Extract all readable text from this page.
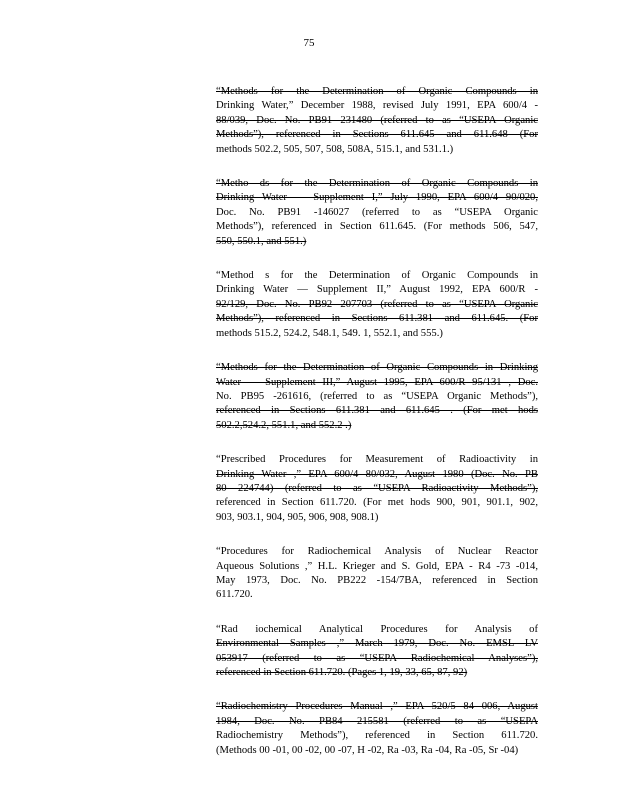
75
“Methods for the Determination of Organic Compounds in
Drinking Water,” December 1988, revised July 1991, EPA 600/4 -
88/039, Doc. No. PB91 231480 (referred to as “USEPA Organic
Methods”), referenced in Sections 611.645 and 611.648 (For
methods 502.2, 505, 507, 508, 508A, 515.1, and 531.1.)
“Metho ds for the Determination of Organic Compounds in
Drinking Water — Supplement I,” July 1990, EPA 600/4 90/020,
Doc. No. PB91 -146027 (referred to as “USEPA Organic
Methods”), referenced in Section 611.645. (For methods 506, 547,
550, 550.1, and 551.)
“Method s for the Determination of Organic Compounds in
Drinking Water — Supplement II,” August 1992, EPA 600/R -
92/129, Doc. No. PB92 207703 (referred to as “USEPA Organic
Methods”), referenced in Sections 611.381 and 611.645. (For
methods 515.2, 524.2, 548.1, 549. 1, 552.1, and 555.)
“Methods for the Determination of Organic Compounds in Drinking
Water — Supplement III,” August 1995, EPA 600/R 95/131 , Doc.
No. PB95 -261616, (referred to as “USEPA Organic Methods”),
referenced in Sections 611.381 and 611.645 . (For met hods
502.2,524.2, 551.1, and 552.2 .)
“Prescribed Procedures for Measurement of Radioactivity in
Drinking Water ,” EPA 600/4 80/032, August 1980 (Doc. No. PB
80 224744) (referred to as “USEPA Radioactivity Methods”),
referenced in Section 611.720. (For met hods 900, 901, 901.1, 902,
903, 903.1, 904, 905, 906, 908, 908.1)
“Procedures for Radiochemical Analysis of Nuclear Reactor
Aqueous Solutions ,” H.L. Krieger and S. Gold, EPA - R4 -73 -014,
May 1973, Doc. No. PB222 -154/7BA, referenced in Section
611.720.
“Rad iochemical Analytical Procedures for Analysis of
Environmental Samples ,” March 1979, Doc. No. EMSL LV
053917 (referred to as “USEPA Radiochemical Analyses”),
referenced in Section 611.720. (Pages 1, 19, 33, 65, 87, 92)
“Radiochemistry Procedures Manual ,” EPA 520/5 84 006, August
1984, Doc. No. PB84 215581 (referred to as “USEPA
Radiochemistry Methods”), referenced in Section 611.720.
(Methods 00 -01, 00 -02, 00 -07, H -02, Ra -03, Ra -04, Ra -05, Sr -04)
